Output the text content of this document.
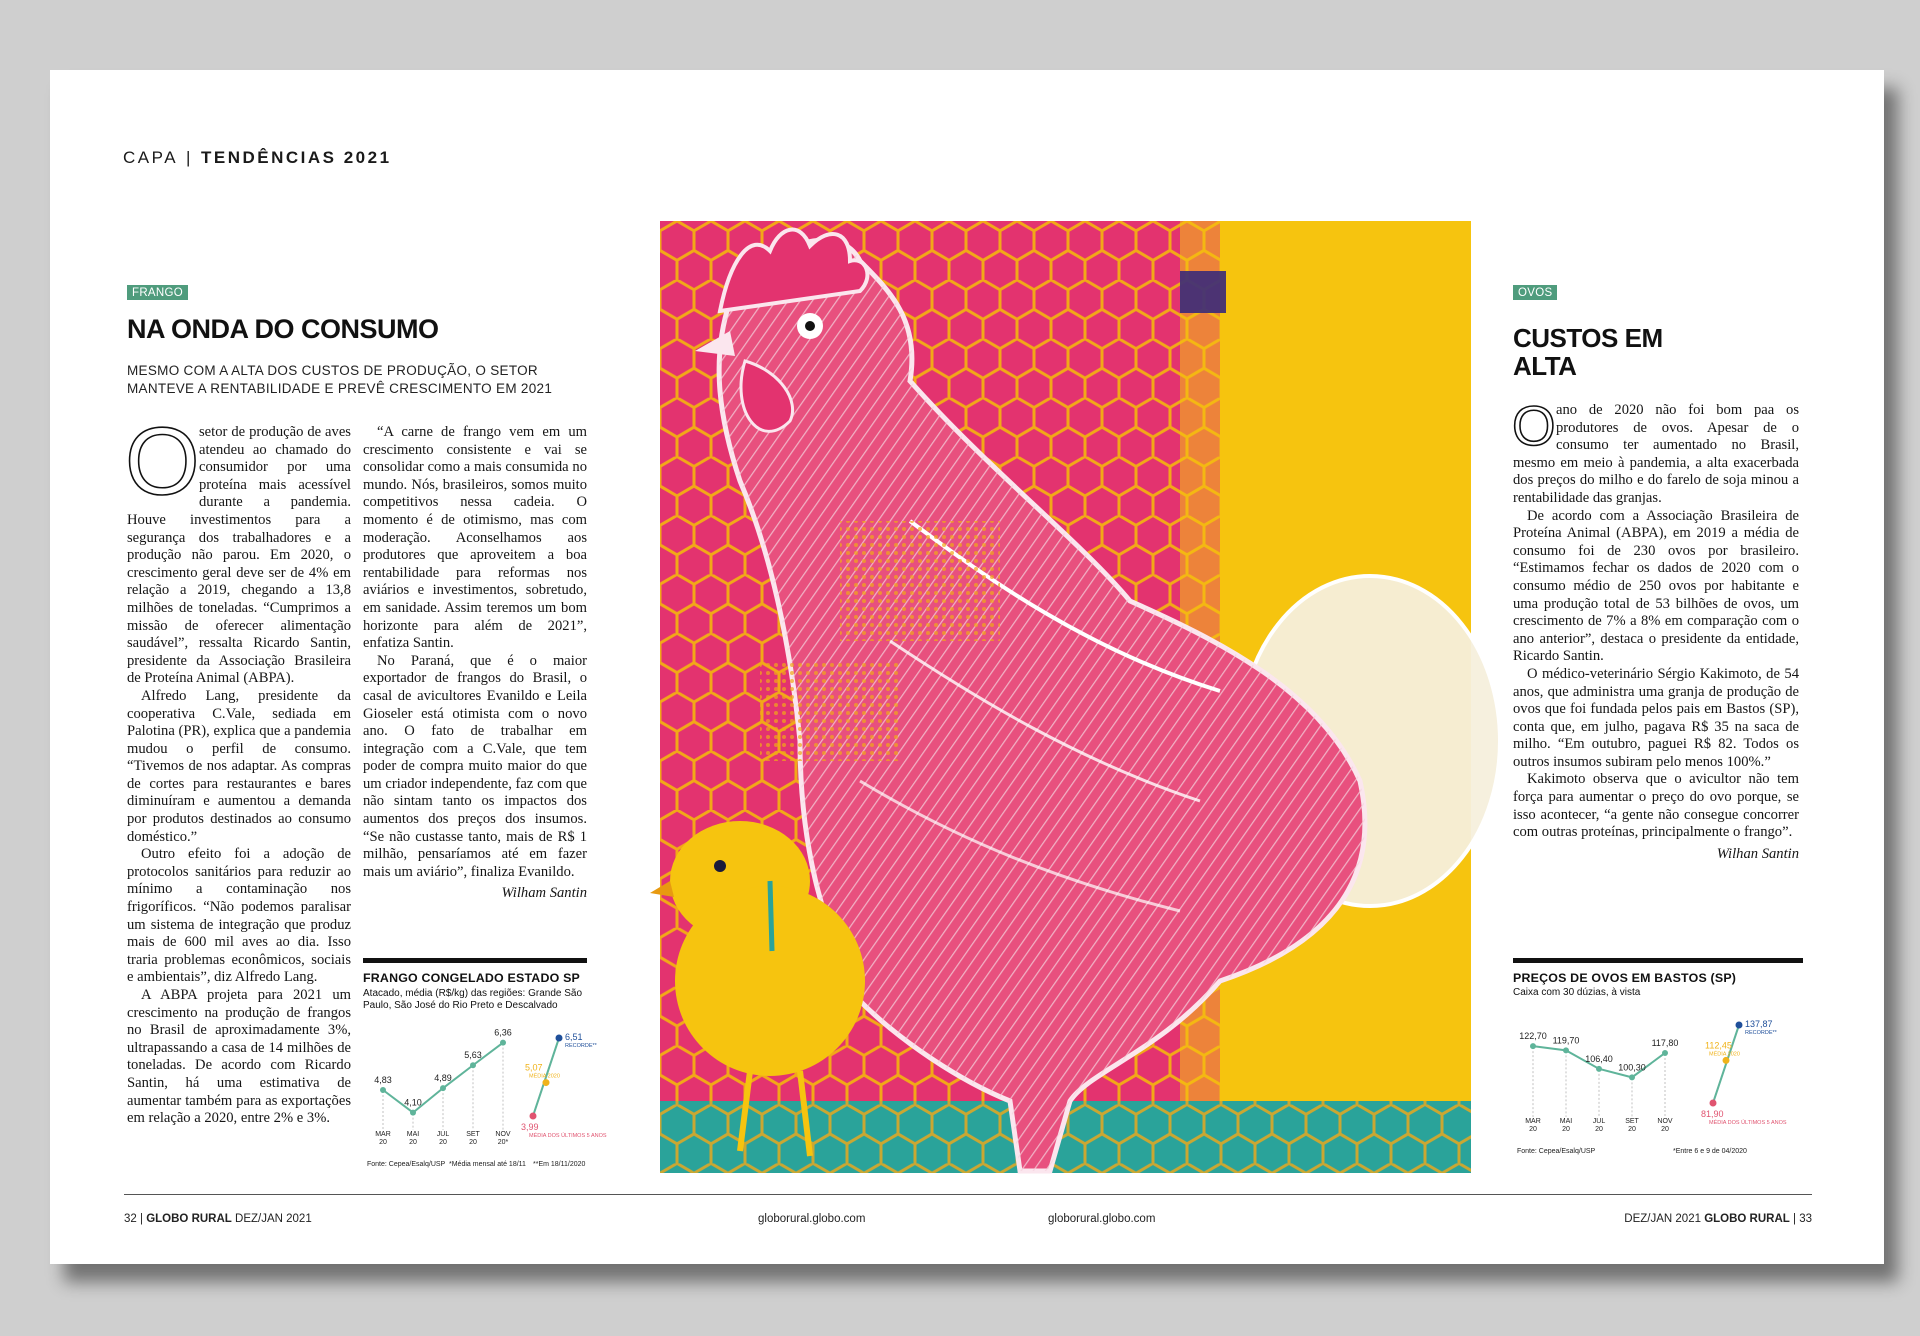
CAPA | TENDÊNCIAS 2021
FRANGO
NA ONDA DO CONSUMO
MESMO COM A ALTA DOS CUSTOS DE PRODUÇÃO, O SETOR
MANTEVE A RENTABILIDADE E PREVÊ CRESCIMENTO EM 2021
O setor de produção de aves atendeu ao chamado do consumidor por uma proteína mais acessível durante a pandemia. Houve investimentos para a segurança dos trabalhadores e a produção não parou. Em 2020, o crescimento geral deve ser de 4% em relação a 2019, chegando a 13,8 milhões de toneladas. “Cumprimos a missão de oferecer alimentação saudável”, ressalta Ricardo Santin, presidente da Associação Brasileira de Proteína Animal (ABPA).

Alfredo Lang, presidente da cooperativa C.Vale, sediada em Palotina (PR), explica que a pandemia mudou o perfil de consumo. “Tivemos de nos adaptar. As compras de cortes para restaurantes e bares diminuíram e aumentou a demanda por produtos destinados ao consumo doméstico.”

Outro efeito foi a adoção de protocolos sanitários para reduzir ao mínimo a contaminação nos frigoríficos. “Não podemos paralisar um sistema de integração que produz mais de 600 mil aves ao dia. Isso traria problemas econômicos, sociais e ambientais”, diz Alfredo Lang.

A ABPA projeta para 2021 um crescimento na produção de frangos no Brasil de aproximadamente 3%, ultrapassando a casa de 14 milhões de toneladas. De acordo com Ricardo Santin, há uma estimativa de aumentar também para as exportações em relação a 2020, entre 2% e 3%.

“A carne de frango vem em um crescimento consistente e vai se consolidar como a mais consumida no mundo. Nós, brasileiros, somos muito competitivos nessa cadeia. O momento é de otimismo, mas com moderação. Aconselhamos aos produtores que aproveitem a boa rentabilidade para reformas nos aviários e investimentos, sobretudo, em sanidade. Assim teremos um bom horizonte para além de 2021”, enfatiza Santin.

No Paraná, que é o maior exportador de frangos do Brasil, o casal de avicultores Evanildo e Leila Gioseler está otimista com o novo ano. O fato de trabalhar em integração com a C.Vale, que tem poder de compra muito maior do que um criador independente, faz com que não sintam tanto os impactos dos aumentos dos preços dos insumos. “Se não custasse tanto, mais de R$ 1 milhão, pensaríamos até em fazer mais um aviário”, finaliza Evanildo.

Wilham Santin

FRANGO CONGELADO ESTADO SP
Atacado, média (R$/kg) das regiões: Grande São Paulo, São José do Rio Preto e Descalvado
4,83
MAR
20
4,10
MAI
20
4,89
JUL
20
5,63
SET
20
6,36
NOV
20*
3,99
MÉDIA DOS ÚLTIMOS 5 ANOS
5,07
MÉDIA 2020
6,51
RECORDE**
Fonte: Cepea/Esalq/USP *Média mensal até 18/11 **Em 18/11/2020
OVOS
CUSTOS EM
ALTA
O ano de 2020 não foi bom paa os produtores de ovos. Apesar de o consumo ter aumentado no Brasil, mesmo em meio à pandemia, a alta exacerbada dos preços do milho e do farelo de soja minou a rentabilidade das granjas.

De acordo com a Associação Brasileira de Proteína Animal (ABPA), em 2019 a média de consumo foi de 230 ovos por brasileiro. “Estimamos fechar os dados de 2020 com o consumo médio de 250 ovos por habitante e uma produção total de 53 bilhões de ovos, um crescimento de 7% a 8% em comparação com o ano anterior”, destaca o presidente da entidade, Ricardo Santin.

O médico-veterinário Sérgio Kakimoto, de 54 anos, que administra uma granja de produção de ovos que foi fundada pelos pais em Bastos (SP), conta que, em julho, pagava R$ 35 na saca de milho. “Em outubro, paguei R$ 82. Todos os outros insumos subiram pelo menos 100%.”

Kakimoto observa que o avicultor não tem força para aumentar o preço do ovo porque, se isso acontecer, “a gente não consegue concorrer com outras proteínas, principalmente o frango”.

Wilhan Santin

PREÇOS DE OVOS EM BASTOS (SP)
Caixa com 30 dúzias, à vista
122,70
MAR
20
119,70
MAI
20
106,40
JUL
20
100,30
SET
20
117,80
NOV
20
81,90
MÉDIA DOS ÚLTIMOS 5 ANOS
112,45
MÉDIA 2020
137,87
RECORDE**
Fonte: Cepea/Esalq/USP	*Entre 6 e 9 de 04/2020
32 | GLOBO RURAL DEZ/JAN 2021	globorural.globo.com	globorural.globo.com	DEZ/JAN 2021 GLOBO RURAL | 33
